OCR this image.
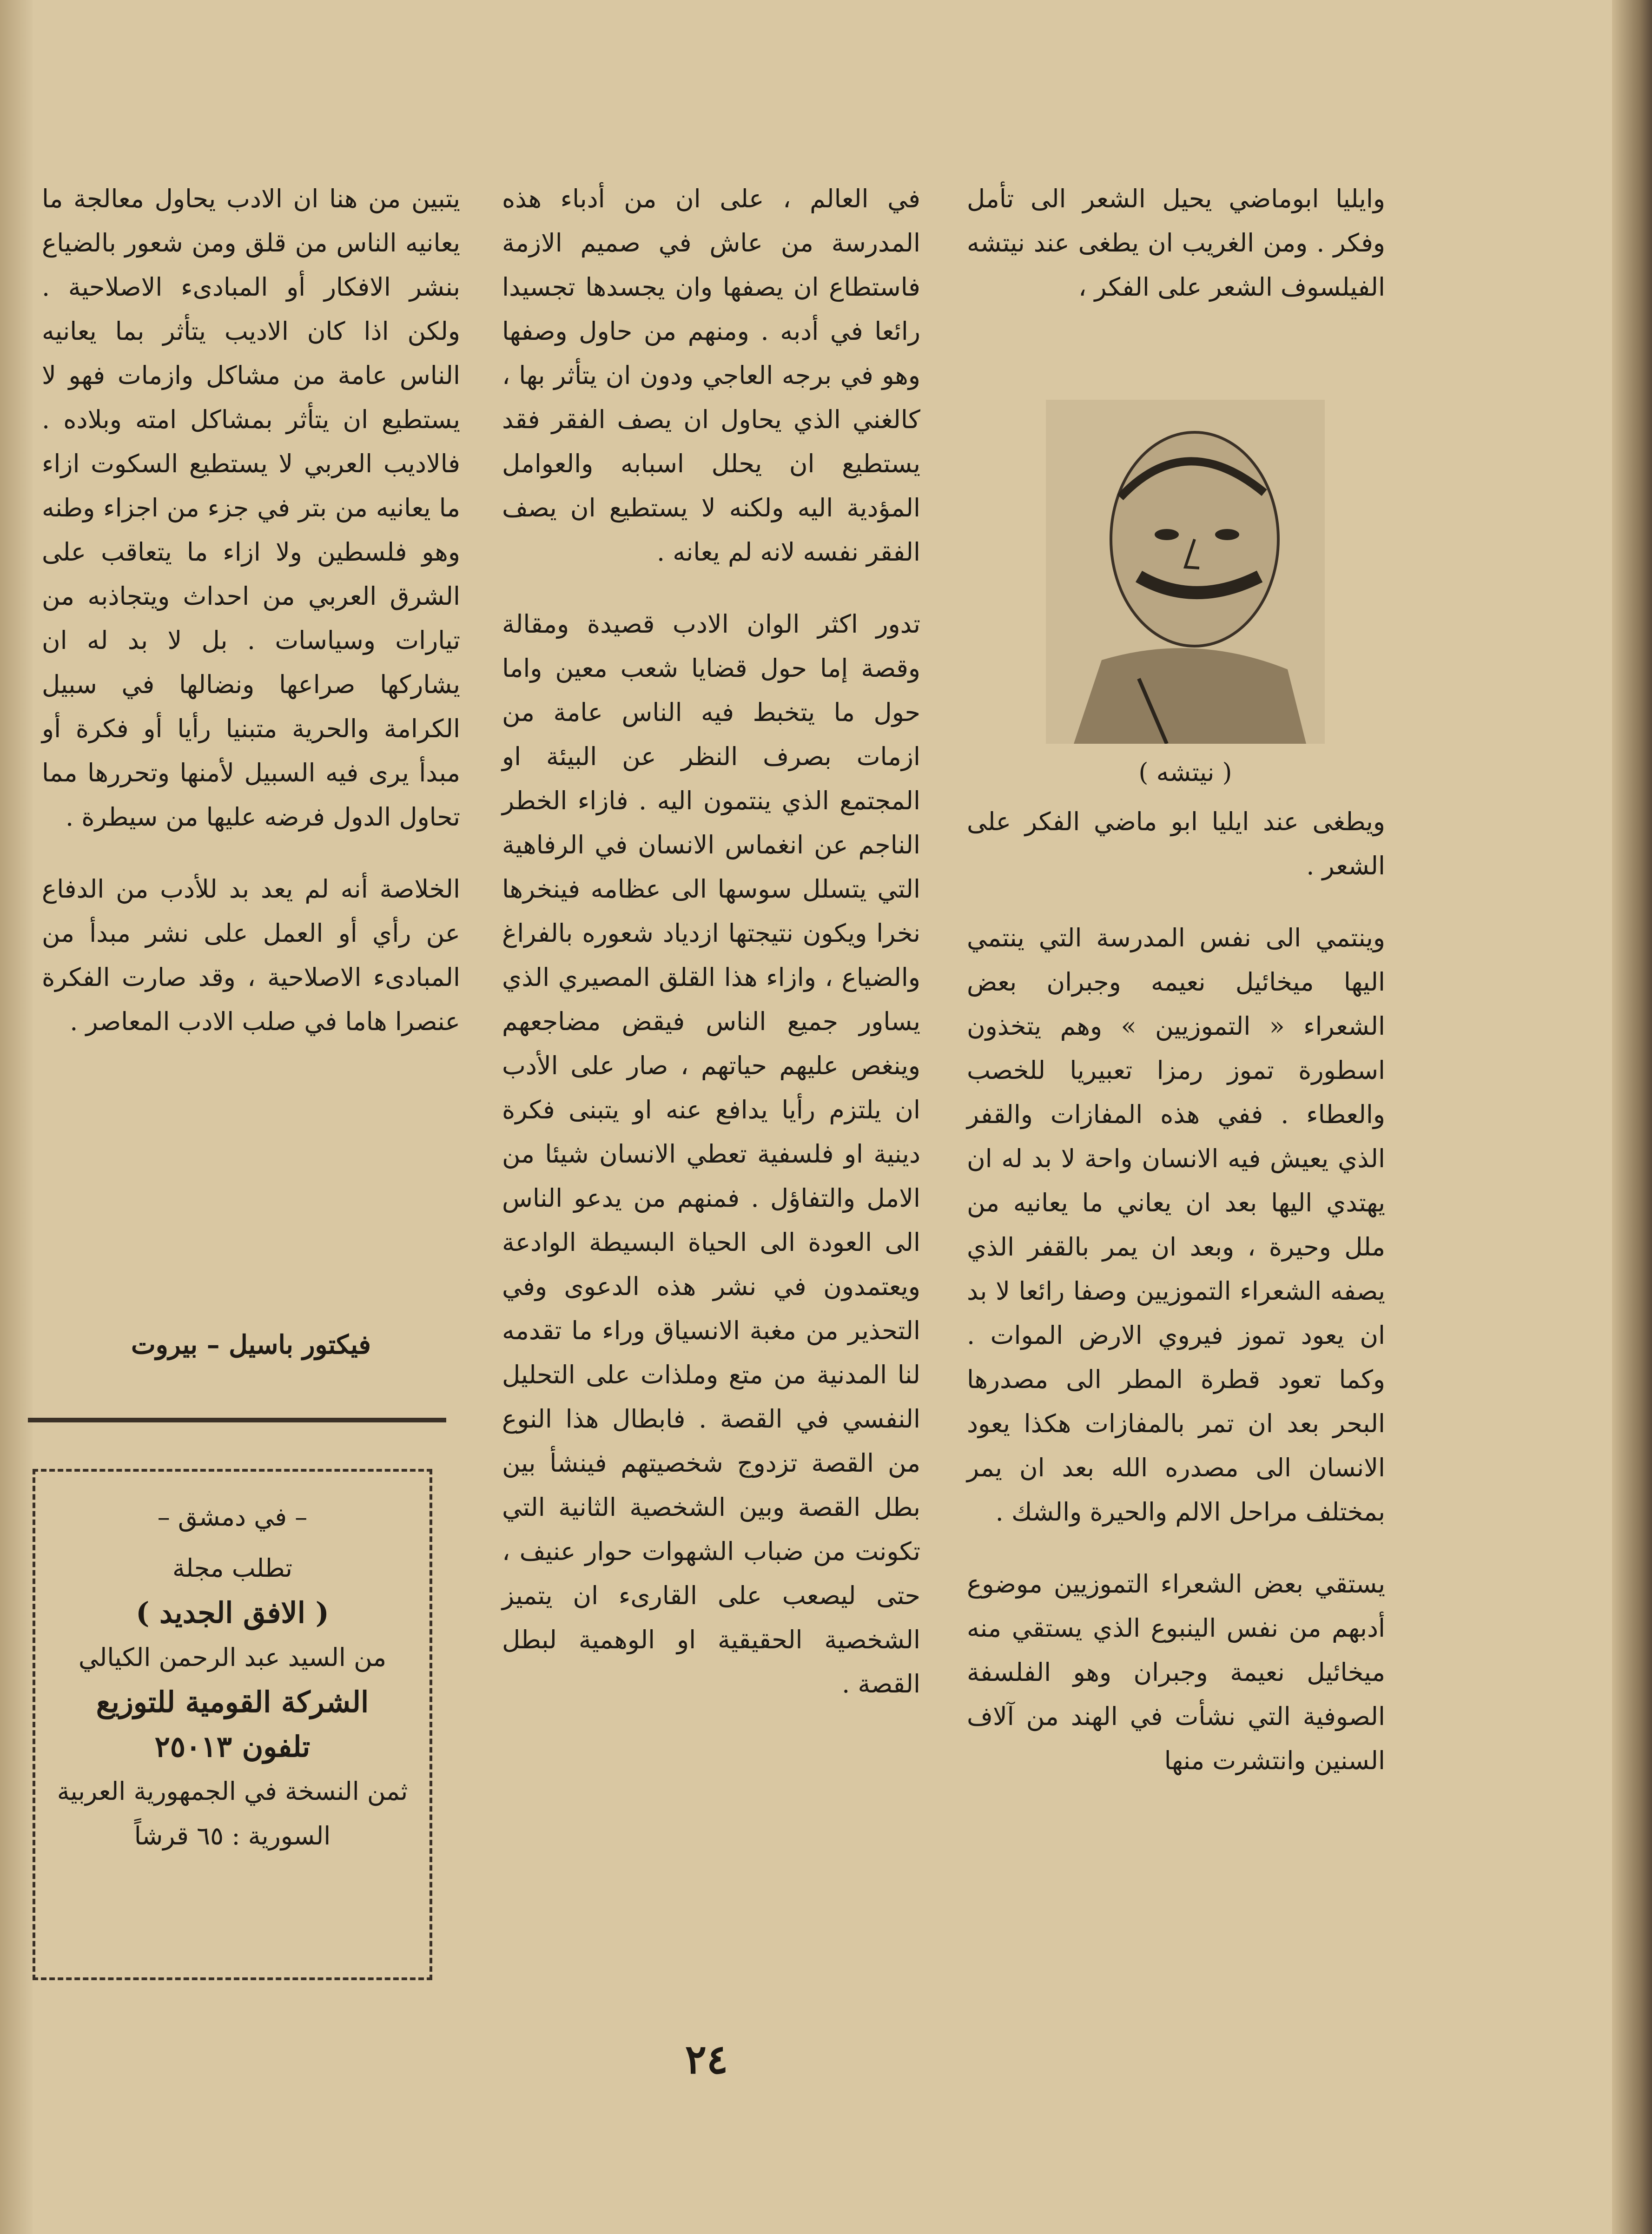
وايليا ابوماضي يحيل الشعر الى تأمل وفكر . ومن الغريب ان يطغى عند نيتشه الفيلسوف الشعر على الفكر ،

( نيتشه )

ويطغى عند ايليا ابو ماضي الفكر على الشعر .

وينتمي الى نفس المدرسة التي ينتمي اليها ميخائيل نعيمه وجبران بعض الشعراء « التموزيين » وهم يتخذون اسطورة تموز رمزا تعبيريا للخصب والعطاء . ففي هذه المفازات والقفر الذي يعيش فيه الانسان واحة لا بد له ان يهتدي اليها بعد ان يعاني ما يعانيه من ملل وحيرة ، وبعد ان يمر بالقفر الذي يصفه الشعراء التموزيين وصفا رائعا لا بد ان يعود تموز فيروي الارض الموات . وكما تعود قطرة المطر الى مصدرها البحر بعد ان تمر بالمفازات هكذا يعود الانسان الى مصدره الله بعد ان يمر بمختلف مراحل الالم والحيرة والشك .

يستقي بعض الشعراء التموزيين موضوع أدبهم من نفس الينبوع الذي يستقي منه ميخائيل نعيمة وجبران وهو الفلسفة الصوفية التي نشأت في الهند من آلاف السنين وانتشرت منها

في العالم ، على ان من أدباء هذه المدرسة من عاش في صميم الازمة فاستطاع ان يصفها وان يجسدها تجسيدا رائعا في أدبه . ومنهم من حاول وصفها وهو في برجه العاجي ودون ان يتأثر بها ، كالغني الذي يحاول ان يصف الفقر فقد يستطيع ان يحلل اسبابه والعوامل المؤدية اليه ولكنه لا يستطيع ان يصف الفقر نفسه لانه لم يعانه .

تدور اكثر الوان الادب قصيدة ومقالة وقصة إما حول قضايا شعب معين واما حول ما يتخبط فيه الناس عامة من ازمات بصرف النظر عن البيئة او المجتمع الذي ينتمون اليه . فازاء الخطر الناجم عن انغماس الانسان في الرفاهية التي يتسلل سوسها الى عظامه فينخرها نخرا ويكون نتيجتها ازدياد شعوره بالفراغ والضياع ، وازاء هذا القلق المصيري الذي يساور جميع الناس فيقض مضاجعهم وينغص عليهم حياتهم ، صار على الأدب ان يلتزم رأيا يدافع عنه او يتبنى فكرة دينية او فلسفية تعطي الانسان شيئا من الامل والتفاؤل . فمنهم من يدعو الناس الى العودة الى الحياة البسيطة الوادعة ويعتمدون في نشر هذه الدعوى وفي التحذير من مغبة الانسياق وراء ما تقدمه لنا المدنية من متع وملذات على التحليل النفسي في القصة . فابطال هذا النوع من القصة تزدوج شخصيتهم فينشأ بين بطل القصة وبين الشخصية الثانية التي تكونت من ضباب الشهوات حوار عنيف ، حتى ليصعب على القارىء ان يتميز الشخصية الحقيقية او الوهمية لبطل القصة .

يتبين من هنا ان الادب يحاول معالجة ما يعانيه الناس من قلق ومن شعور بالضياع بنشر الافكار أو المبادىء الاصلاحية . ولكن اذا كان الاديب يتأثر بما يعانيه الناس عامة من مشاكل وازمات فهو لا يستطيع ان يتأثر بمشاكل امته وبلاده . فالاديب العربي لا يستطيع السكوت ازاء ما يعانيه من بتر في جزء من اجزاء وطنه وهو فلسطين ولا ازاء ما يتعاقب على الشرق العربي من احداث ويتجاذبه من تيارات وسياسات . بل لا بد له ان يشاركها صراعها ونضالها في سبيل الكرامة والحرية متبنيا رأيا أو فكرة أو مبدأ يرى فيه السبيل لأمنها وتحررها مما تحاول الدول فرضه عليها من سيطرة .

الخلاصة أنه لم يعد بد للأدب من الدفاع عن رأي أو العمل على نشر مبدأ من المبادىء الاصلاحية ، وقد صارت الفكرة عنصرا هاما في صلب الادب المعاصر .

فيكتور باسيل – بيروت
– في دمشق –
تطلب مجلة
( الافق الجديد )
من السيد عبد الرحمن الكيالي
الشركة القومية للتوزيع
تلفون ٢٥٠١٣
ثمن النسخة في الجمهورية العربية
السورية : ٦٥ قرشاً
٢٤
